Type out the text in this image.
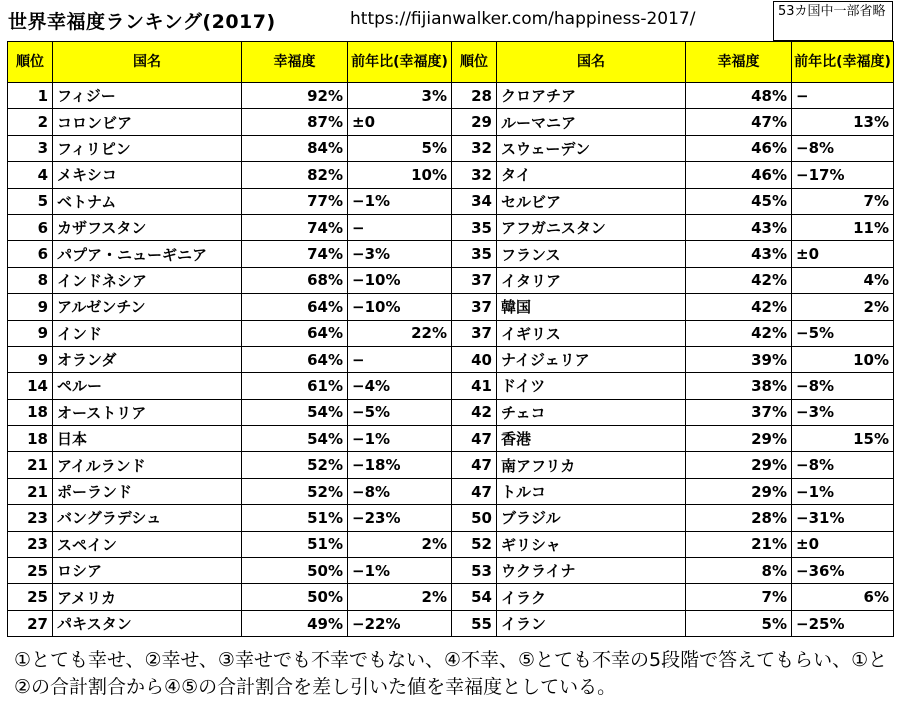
世界幸福度ランキング(2017)	https://fijianwalker.com/happiness-2017/	53カ国中一部省略
順位	国名	幸福度	前年比(幸福度)	順位	国名	幸福度	前年比(幸福度)
1	フィジー	92%	3%	28	クロアチア	48%	−
2	コロンビア	87%	±0	29	ルーマニア	47%	13%
3	フィリピン	84%	5%	32	スウェーデン	46%	−8%
4	メキシコ	82%	10%	32	タイ	46%	−17%
5	ベトナム	77%	−1%	34	セルビア	45%	7%
6	カザフスタン	74%	−	35	アフガニスタン	43%	11%
6	パプア・ニューギニア	74%	−3%	35	フランス	43%	±0
8	インドネシア	68%	−10%	37	イタリア	42%	4%
9	アルゼンチン	64%	−10%	37	韓国	42%	2%
9	インド	64%	22%	37	イギリス	42%	−5%
9	オランダ	64%	−	40	ナイジェリア	39%	10%
14	ペルー	61%	−4%	41	ドイツ	38%	−8%
18	オーストリア	54%	−5%	42	チェコ	37%	−3%
18	日本	54%	−1%	47	香港	29%	15%
21	アイルランド	52%	−18%	47	南アフリカ	29%	−8%
21	ポーランド	52%	−8%	47	トルコ	29%	−1%
23	バングラデシュ	51%	−23%	50	ブラジル	28%	−31%
23	スペイン	51%	2%	52	ギリシャ	21%	±0
25	ロシア	50%	−1%	53	ウクライナ	8%	−36%
25	アメリカ	50%	2%	54	イラク	7%	6%
27	パキスタン	49%	−22%	55	イラン	5%	−25%
①とても幸せ、②幸せ、③幸せでも不幸でもない、④不幸、⑤とても不幸の5段階で答えてもらい、①と②の合計割合から④⑤の合計割合を差し引いた値を幸福度としている。
